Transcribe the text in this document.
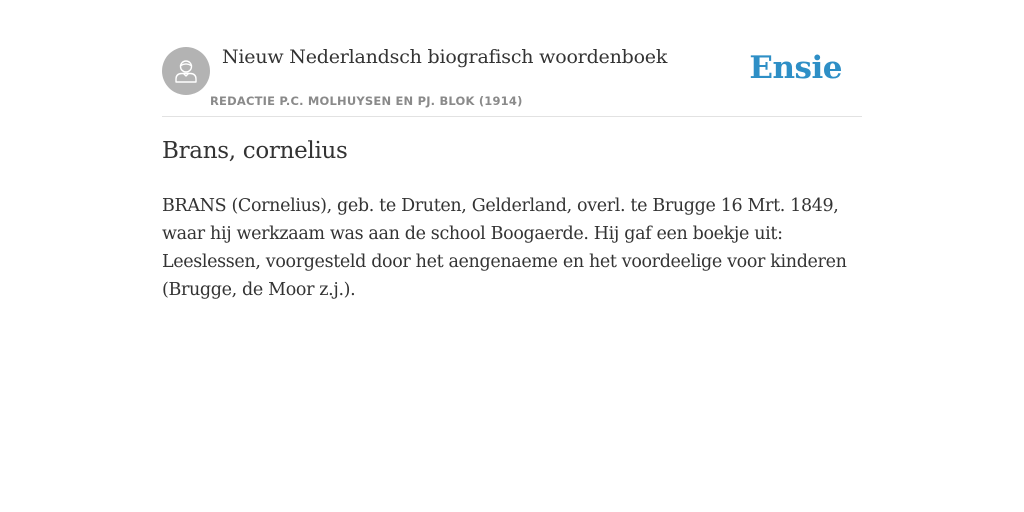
Nieuw Nederlandsch biografisch woordenboek
REDACTIE P.C. MOLHUYSEN EN PJ. BLOK (1914)
Ensie
Brans, cornelius

BRANS (Cornelius), geb. te Druten, Gelderland, overl. te Brugge 16 Mrt. 1849, waar hij werkzaam was aan de school Boogaerde. Hij gaf een boekje uit: Leeslessen, voorgesteld door het aengenaeme en het voordeelige voor kinderen (Brugge, de Moor z.j.).
